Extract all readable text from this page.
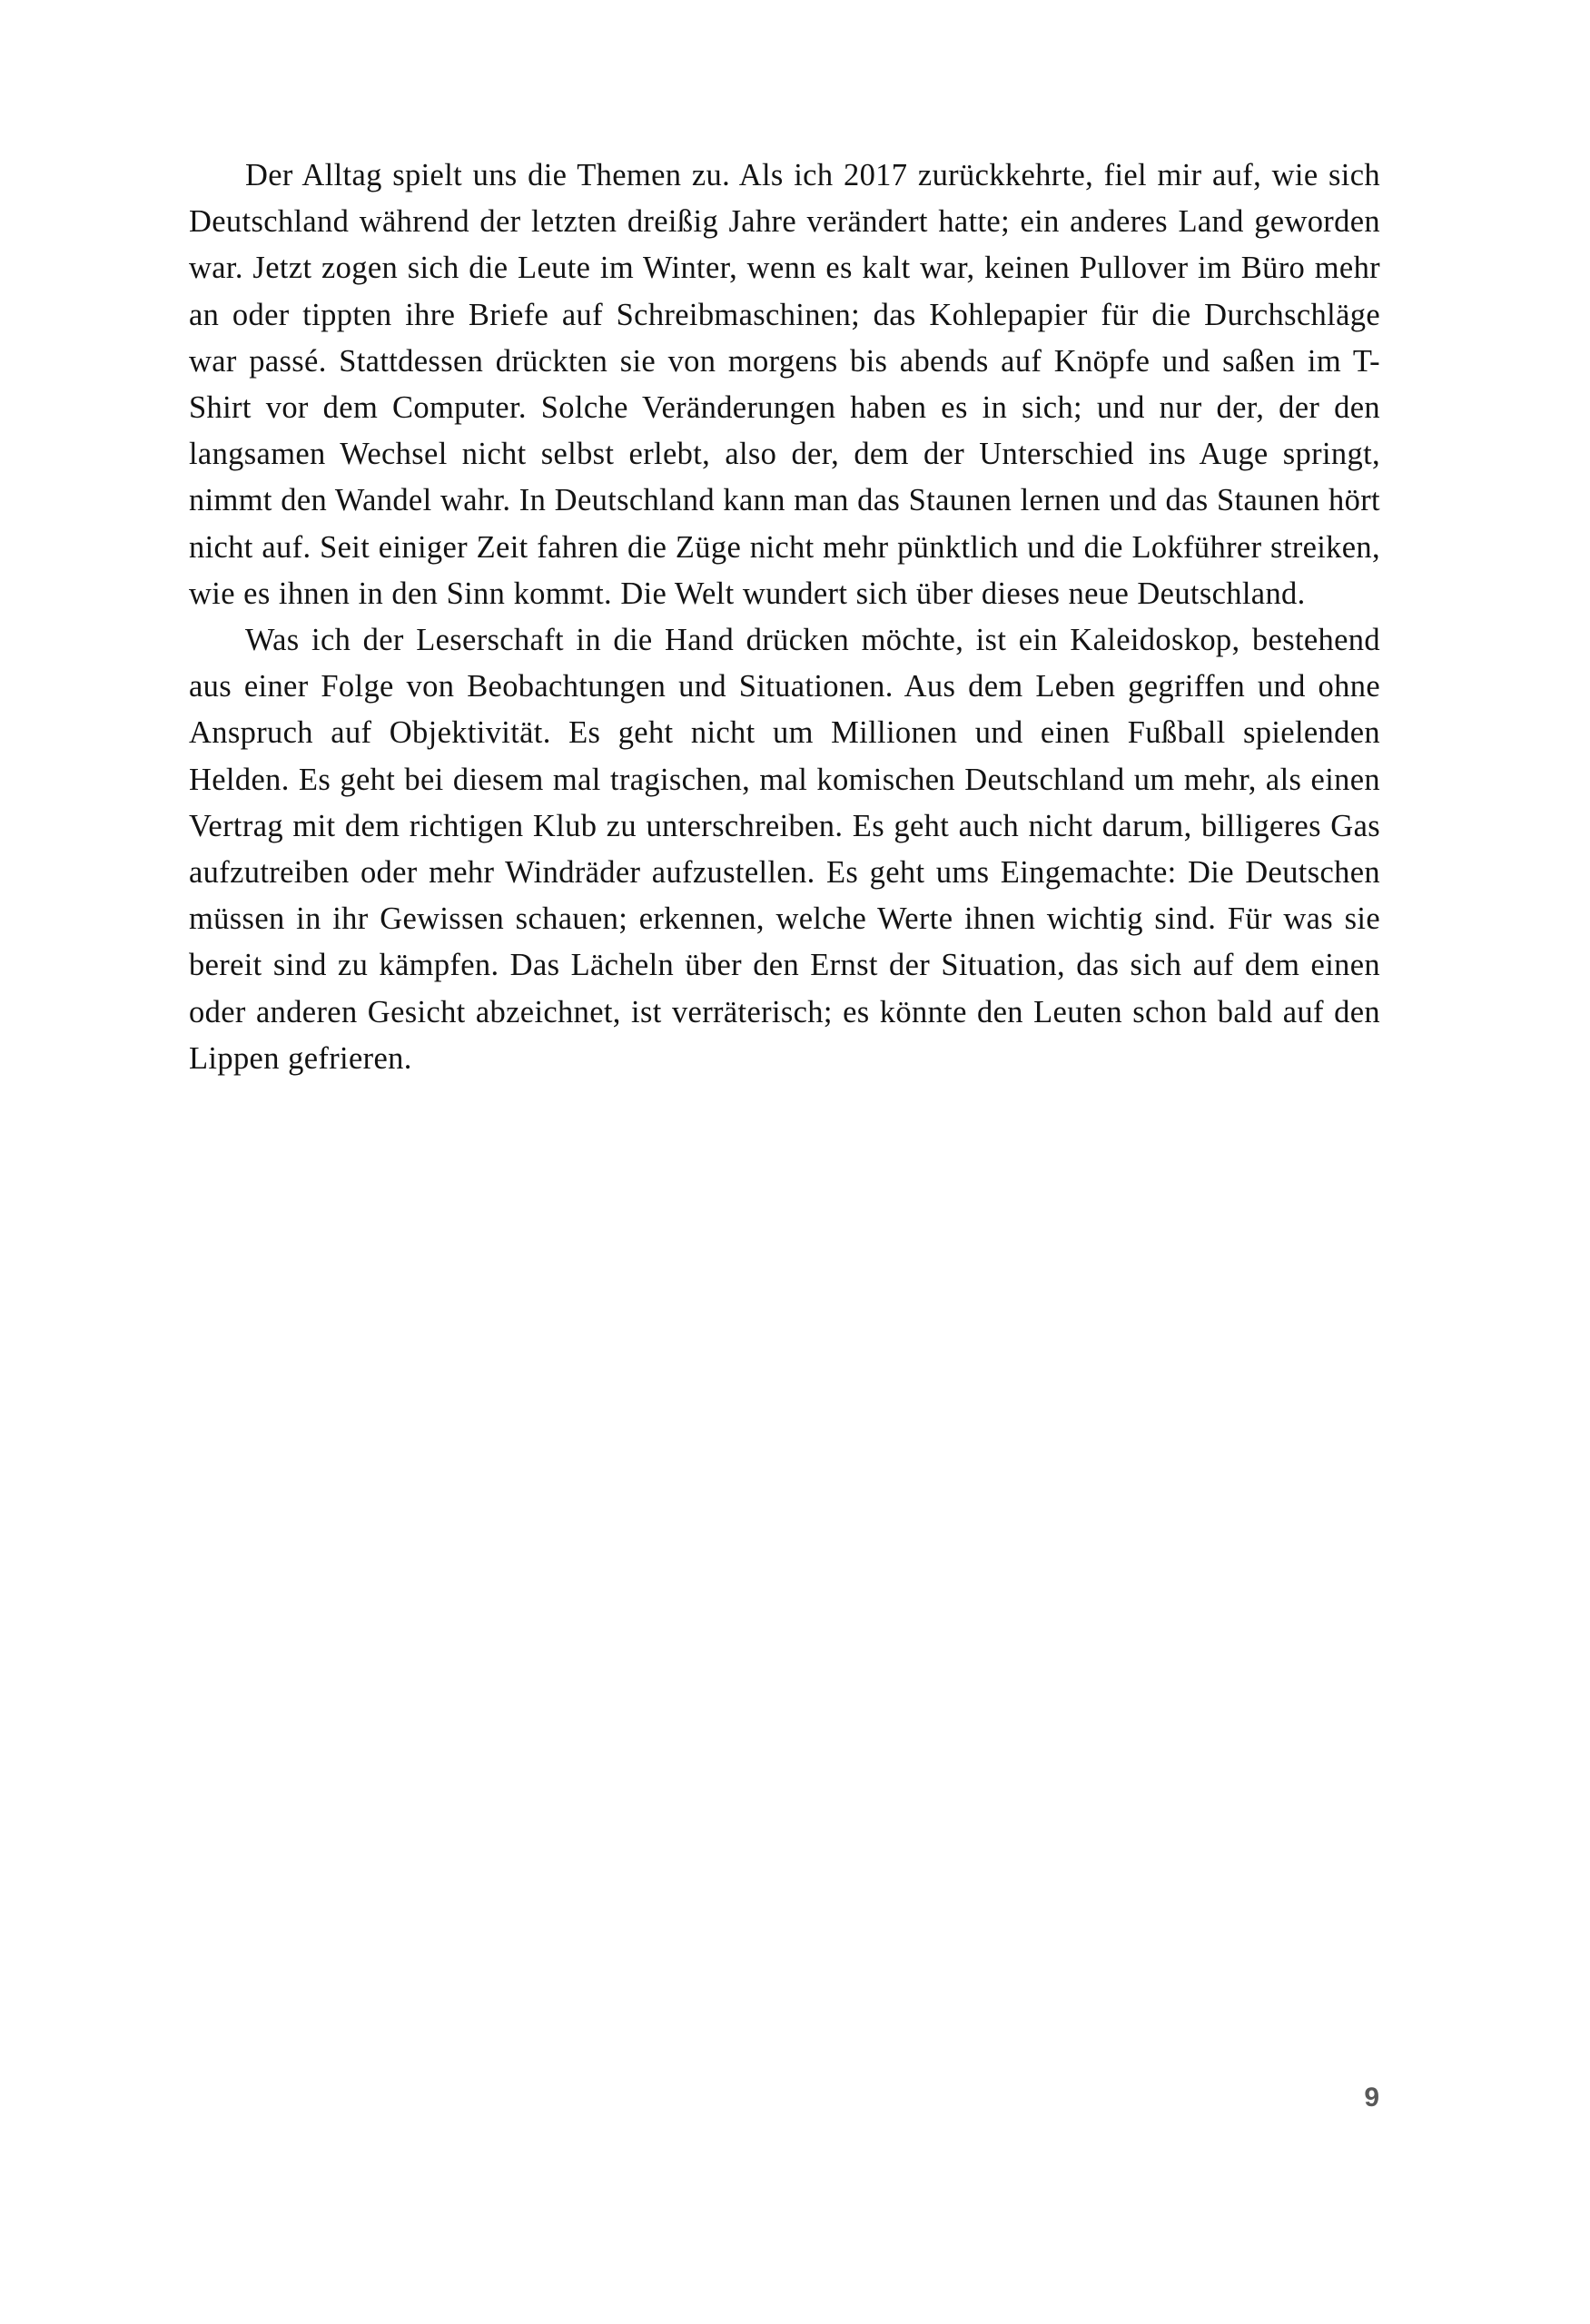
Der Alltag spielt uns die Themen zu. Als ich 2017 zurückkehrte, fiel mir auf, wie sich Deutschland während der letzten dreißig Jahre verändert hatte; ein anderes Land geworden war. Jetzt zogen sich die Leute im Winter, wenn es kalt war, keinen Pullover im Büro mehr an oder tippten ihre Briefe auf Schreibmaschinen; das Kohlepapier für die Durchschläge war passé. Stattdessen drückten sie von morgens bis abends auf Knöpfe und saßen im T-Shirt vor dem Computer. Solche Veränderungen haben es in sich; und nur der, der den langsamen Wechsel nicht selbst erlebt, also der, dem der Unterschied ins Auge springt, nimmt den Wandel wahr. In Deutschland kann man das Staunen lernen und das Staunen hört nicht auf. Seit einiger Zeit fahren die Züge nicht mehr pünktlich und die Lokführer streiken, wie es ihnen in den Sinn kommt. Die Welt wundert sich über dieses neue Deutschland.

Was ich der Leserschaft in die Hand drücken möchte, ist ein Kaleidoskop, bestehend aus einer Folge von Beobachtungen und Situationen. Aus dem Leben gegriffen und ohne Anspruch auf Objektivität. Es geht nicht um Millionen und einen Fußball spielenden Helden. Es geht bei diesem mal tragischen, mal komischen Deutschland um mehr, als einen Vertrag mit dem richtigen Klub zu unterschreiben. Es geht auch nicht darum, billigeres Gas aufzutreiben oder mehr Windräder aufzustellen. Es geht ums Eingemachte: Die Deutschen müssen in ihr Gewissen schauen; erkennen, welche Werte ihnen wichtig sind. Für was sie bereit sind zu kämpfen. Das Lächeln über den Ernst der Situation, das sich auf dem einen oder anderen Gesicht abzeichnet, ist verräterisch; es könnte den Leuten schon bald auf den Lippen gefrieren.

9
